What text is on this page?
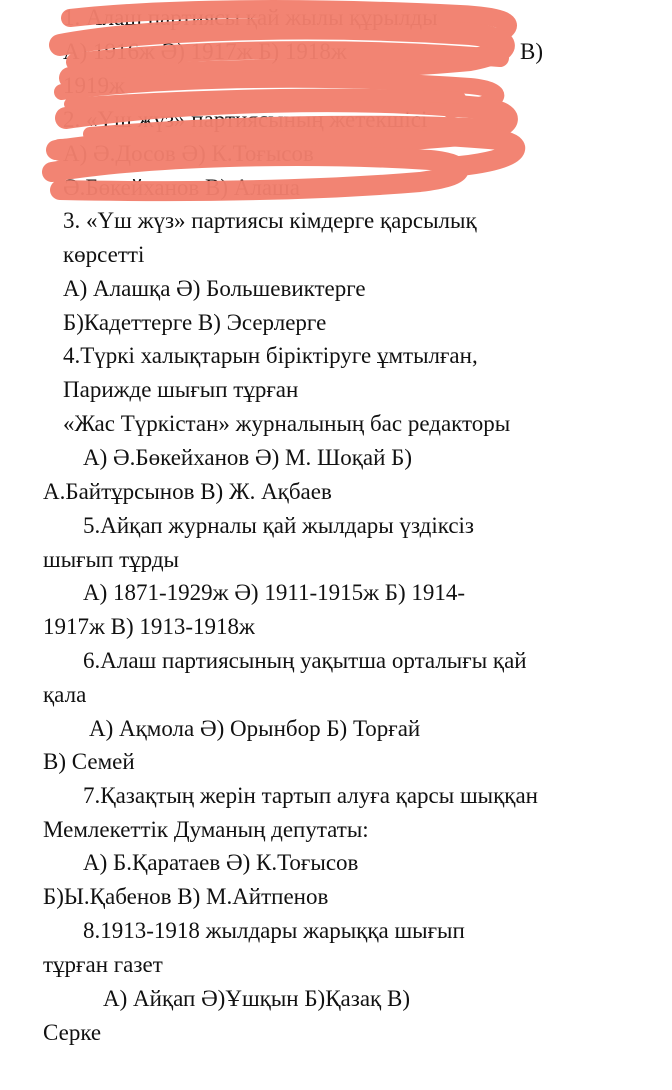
1. Алаш партиясы қай жылы құрылды
А) 1916ж Ә) 1917ж Б) 1918ж	В)
1919ж
2. «Үш жүз» партиясының жетекшісі
А) Ә.Досов Ә) К.Тоғысов
Ә.Бөкейханов В) Алаша
3. «Үш жүз» партиясы кімдерге қарсылық
көрсетті
А) Алашқа Ә) Большевиктерге
Б)Кадеттерге В) Эсерлерге
4.Түркі халықтарын біріктіруге ұмтылған,
Парижде шығып тұрған
«Жас Түркістан» журналының бас редакторы
А) Ә.Бөкейханов Ә) М. Шоқай Б)
А.Байтұрсынов В) Ж. Ақбаев
5.Айқап журналы қай жылдары үздіксіз
шығып тұрды
А) 1871-1929ж Ә) 1911-1915ж Б) 1914-
1917ж В) 1913-1918ж
6.Алаш партиясының уақытша орталығы қай
қала
А) Ақмола Ә) Орынбор Б) Торғай
В) Семей
7.Қазақтың жерін тартып алуға қарсы шыққан
Мемлекеттік Думаның депутаты:
А) Б.Қаратаев Ә) К.Тоғысов
Б)Ы.Қабенов В) М.Айтпенов
8.1913-1918 жылдары жарыққа шығып
тұрған газет
А) Айқап Ә)Ұшқын Б)Қазақ В)
Серке
